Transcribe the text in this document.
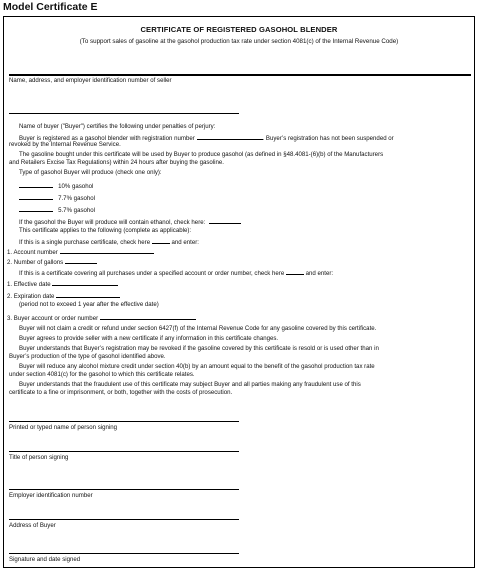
Model Certificate E
CERTIFICATE OF REGISTERED GASOHOL BLENDER
(To support sales of gasoline at the gasohol production tax rate under section 4081(c) of the Internal Revenue Code)
Name, address, and employer identification number of seller
Name of buyer ("Buyer") certifies the following under penalties of perjury:
Buyer is registered as a gasohol blender with registration number	. Buyer’s registration has not been suspended or
revoked by the Internal Revenue Service.
The gasoline bought under this certificate will be used by Buyer to produce gasohol (as defined in §48.4081-(6)(b) of the Manufacturers
and Retailers Excise Tax Regulations) within 24 hours after buying the gasoline.
Type of gasohol Buyer will produce (check one only):
10% gasohol
7.7% gasohol
5.7% gasohol
If the gasohol the Buyer will produce will contain ethanol, check here:
This certificate applies to the following (complete as applicable):
If this is a single purchase certificate, check here	and enter:
1. Account number
2. Number of gallons
If this is a certificate covering all purchases under a specified account or order number, check here	and enter:
1. Effective date
2. Expiration date
(period not to exceed 1 year after the effective date)
3. Buyer account or order number
Buyer will not claim a credit or refund under section 6427(f) of the Internal Revenue Code for any gasoline covered by this certificate.
Buyer agrees to provide seller with a new certificate if any information in this certificate changes.
Buyer understands that Buyer’s registration may be revoked if the gasoline covered by this certificate is resold or is used other than in
Buyer’s production of the type of gasohol identified above.
Buyer will reduce any alcohol mixture credit under section 40(b) by an amount equal to the benefit of the gasohol production tax rate
under section 4081(c) for the gasohol to which this certificate relates.
Buyer understands that the fraudulent use of this certificate may subject Buyer and all parties making any fraudulent use of this
certificate to a fine or imprisonment, or both, together with the costs of prosecution.
Printed or typed name of person signing
Title of person signing
Employer identification number
Address of Buyer
Signature and date signed
